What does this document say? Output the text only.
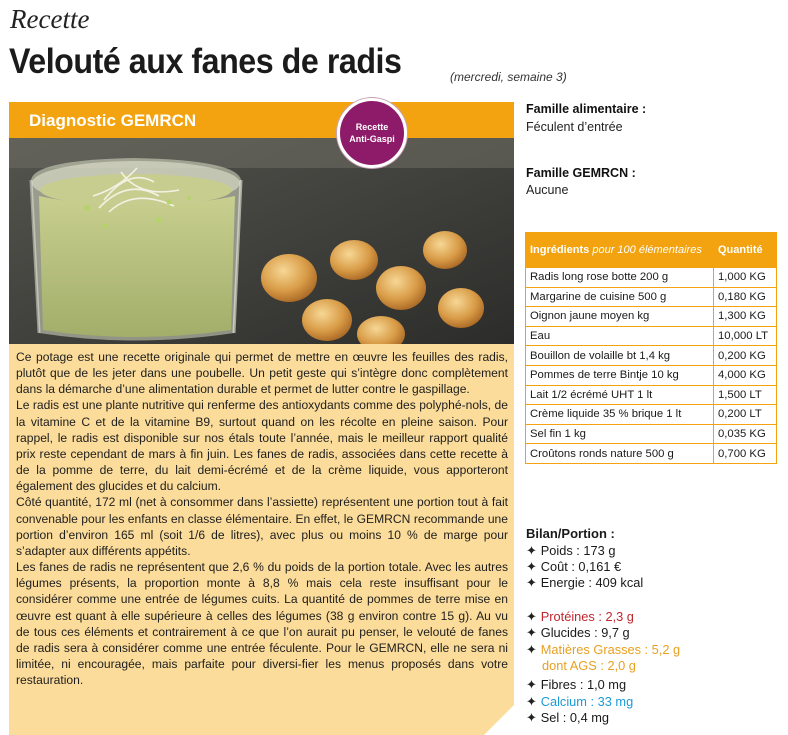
Recette
Velouté aux fanes de radis	(mercredi, semaine 3)
Diagnostic GEMRCN	Recette
Anti-Gaspi

Ce potage est une recette originale qui permet de mettre en œuvre les feuilles des radis, plutôt que de les jeter dans une poubelle. Un petit geste qui s’intègre donc complètement dans la démarche d’une alimentation durable et permet de lutter contre le gaspillage.

Le radis est une plante nutritive qui renferme des antioxydants comme des polyphé-nols, de la vitamine C et de la vitamine B9, surtout quand on les récolte en pleine saison. Pour rappel, le radis est disponible sur nos étals toute l’année, mais le meilleur rapport qualité prix reste cependant de mars à fin juin. Les fanes de radis, associées dans cette recette à de la pomme de terre, du lait demi-écrémé et de la crème liquide, vous apporteront également des glucides et du calcium.

Côté quantité, 172 ml (net à consommer dans l’assiette) représentent une portion tout à fait convenable pour les enfants en classe élémentaire. En effet, le GEMRCN recommande une portion d’environ 165 ml (soit 1/6 de litres), avec plus ou moins 10 % de marge pour s’adapter aux différents appétits.

Les fanes de radis ne représentent que 2,6 % du poids de la portion totale. Avec les autres légumes présents, la proportion monte à 8,8 % mais cela reste insuffisant pour le considérer comme une entrée de légumes cuits. La quantité de pommes de terre mise en œuvre est quant à elle supérieure à celles des légumes (38 g environ contre 15 g). Au vu de tous ces éléments et contrairement à ce que l’on aurait pu penser, le velouté de fanes de radis sera à considérer comme une entrée féculente. Pour le GEMRCN, elle ne sera ni limitée, ni encouragée, mais parfaite pour diversi-fier les menus proposés dans votre restauration.

Famille alimentaire :
Féculent d’entrée
Famille GEMRCN :
Aucune
Ingrédients pour 100 élémentaires	Quantité
Radis long rose botte 200 g	1,000 KG
Margarine de cuisine 500 g	0,180 KG
Oignon jaune moyen kg	1,300 KG
Eau	10,000 LT
Bouillon de volaille bt 1,4 kg	0,200 KG
Pommes de terre Bintje 10 kg	4,000 KG
Lait 1/2 écrémé UHT 1 lt	1,500 LT
Crème liquide 35 % brique 1 lt	0,200 LT
Sel fin 1 kg	0,035 KG
Croûtons ronds nature 500 g	0,700 KG
Bilan/Portion :
✦ Poids : 173 g
✦ Coût : 0,161 €
✦ Energie : 409 kcal
✦ Protéines : 2,3 g
✦ Glucides : 9,7 g
✦ Matières Grasses : 5,2 g
dont AGS : 2,0 g
✦ Fibres : 1,0 mg
✦ Calcium : 33 mg
✦ Sel : 0,4 mg
